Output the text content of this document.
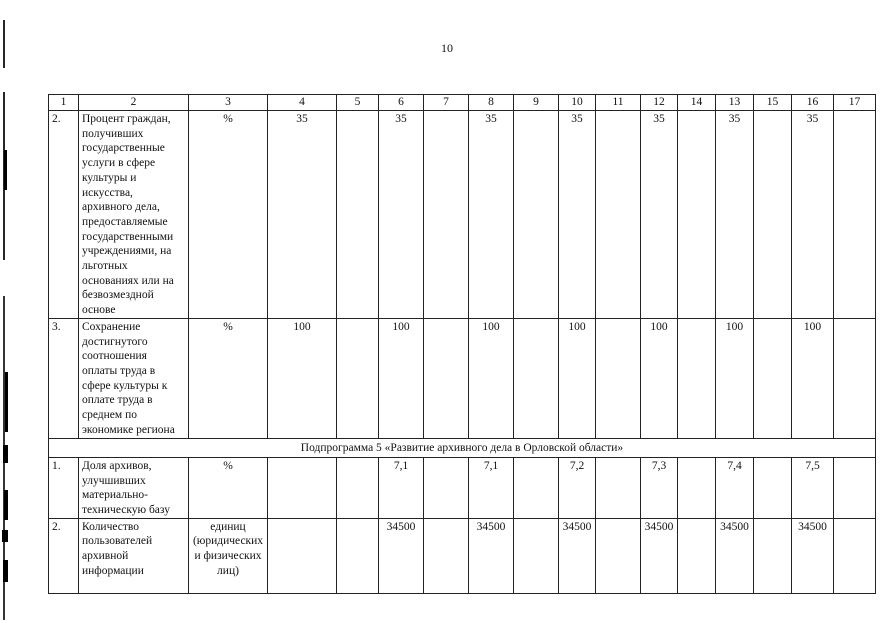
10
1	2	3	4	5	6	7	8	9	10	11	12	14	13	15	16	17
2.	Процент граждан, получивших государственные услуги в сфере культуры и искусства, архивного дела, предоставляемые государственными учреждениями, на льготных основаниях или на безвозмездной основе	%	35		35		35		35		35		35		35	
3.	Сохранение достигнутого соотношения оплаты труда в сфере культуры к оплате труда в среднем по экономике региона	%	100		100		100		100		100		100		100	
Подпрограмма 5 «Развитие архивного дела в Орловской области»																
1.	Доля архивов, улучшивших материально-техническую базу	%			7,1		7,1		7,2		7,3		7,4		7,5	
2.	Количество пользователей архивной информации	единиц (юридических и физических лиц)			34500		34500		34500		34500		34500		34500	
